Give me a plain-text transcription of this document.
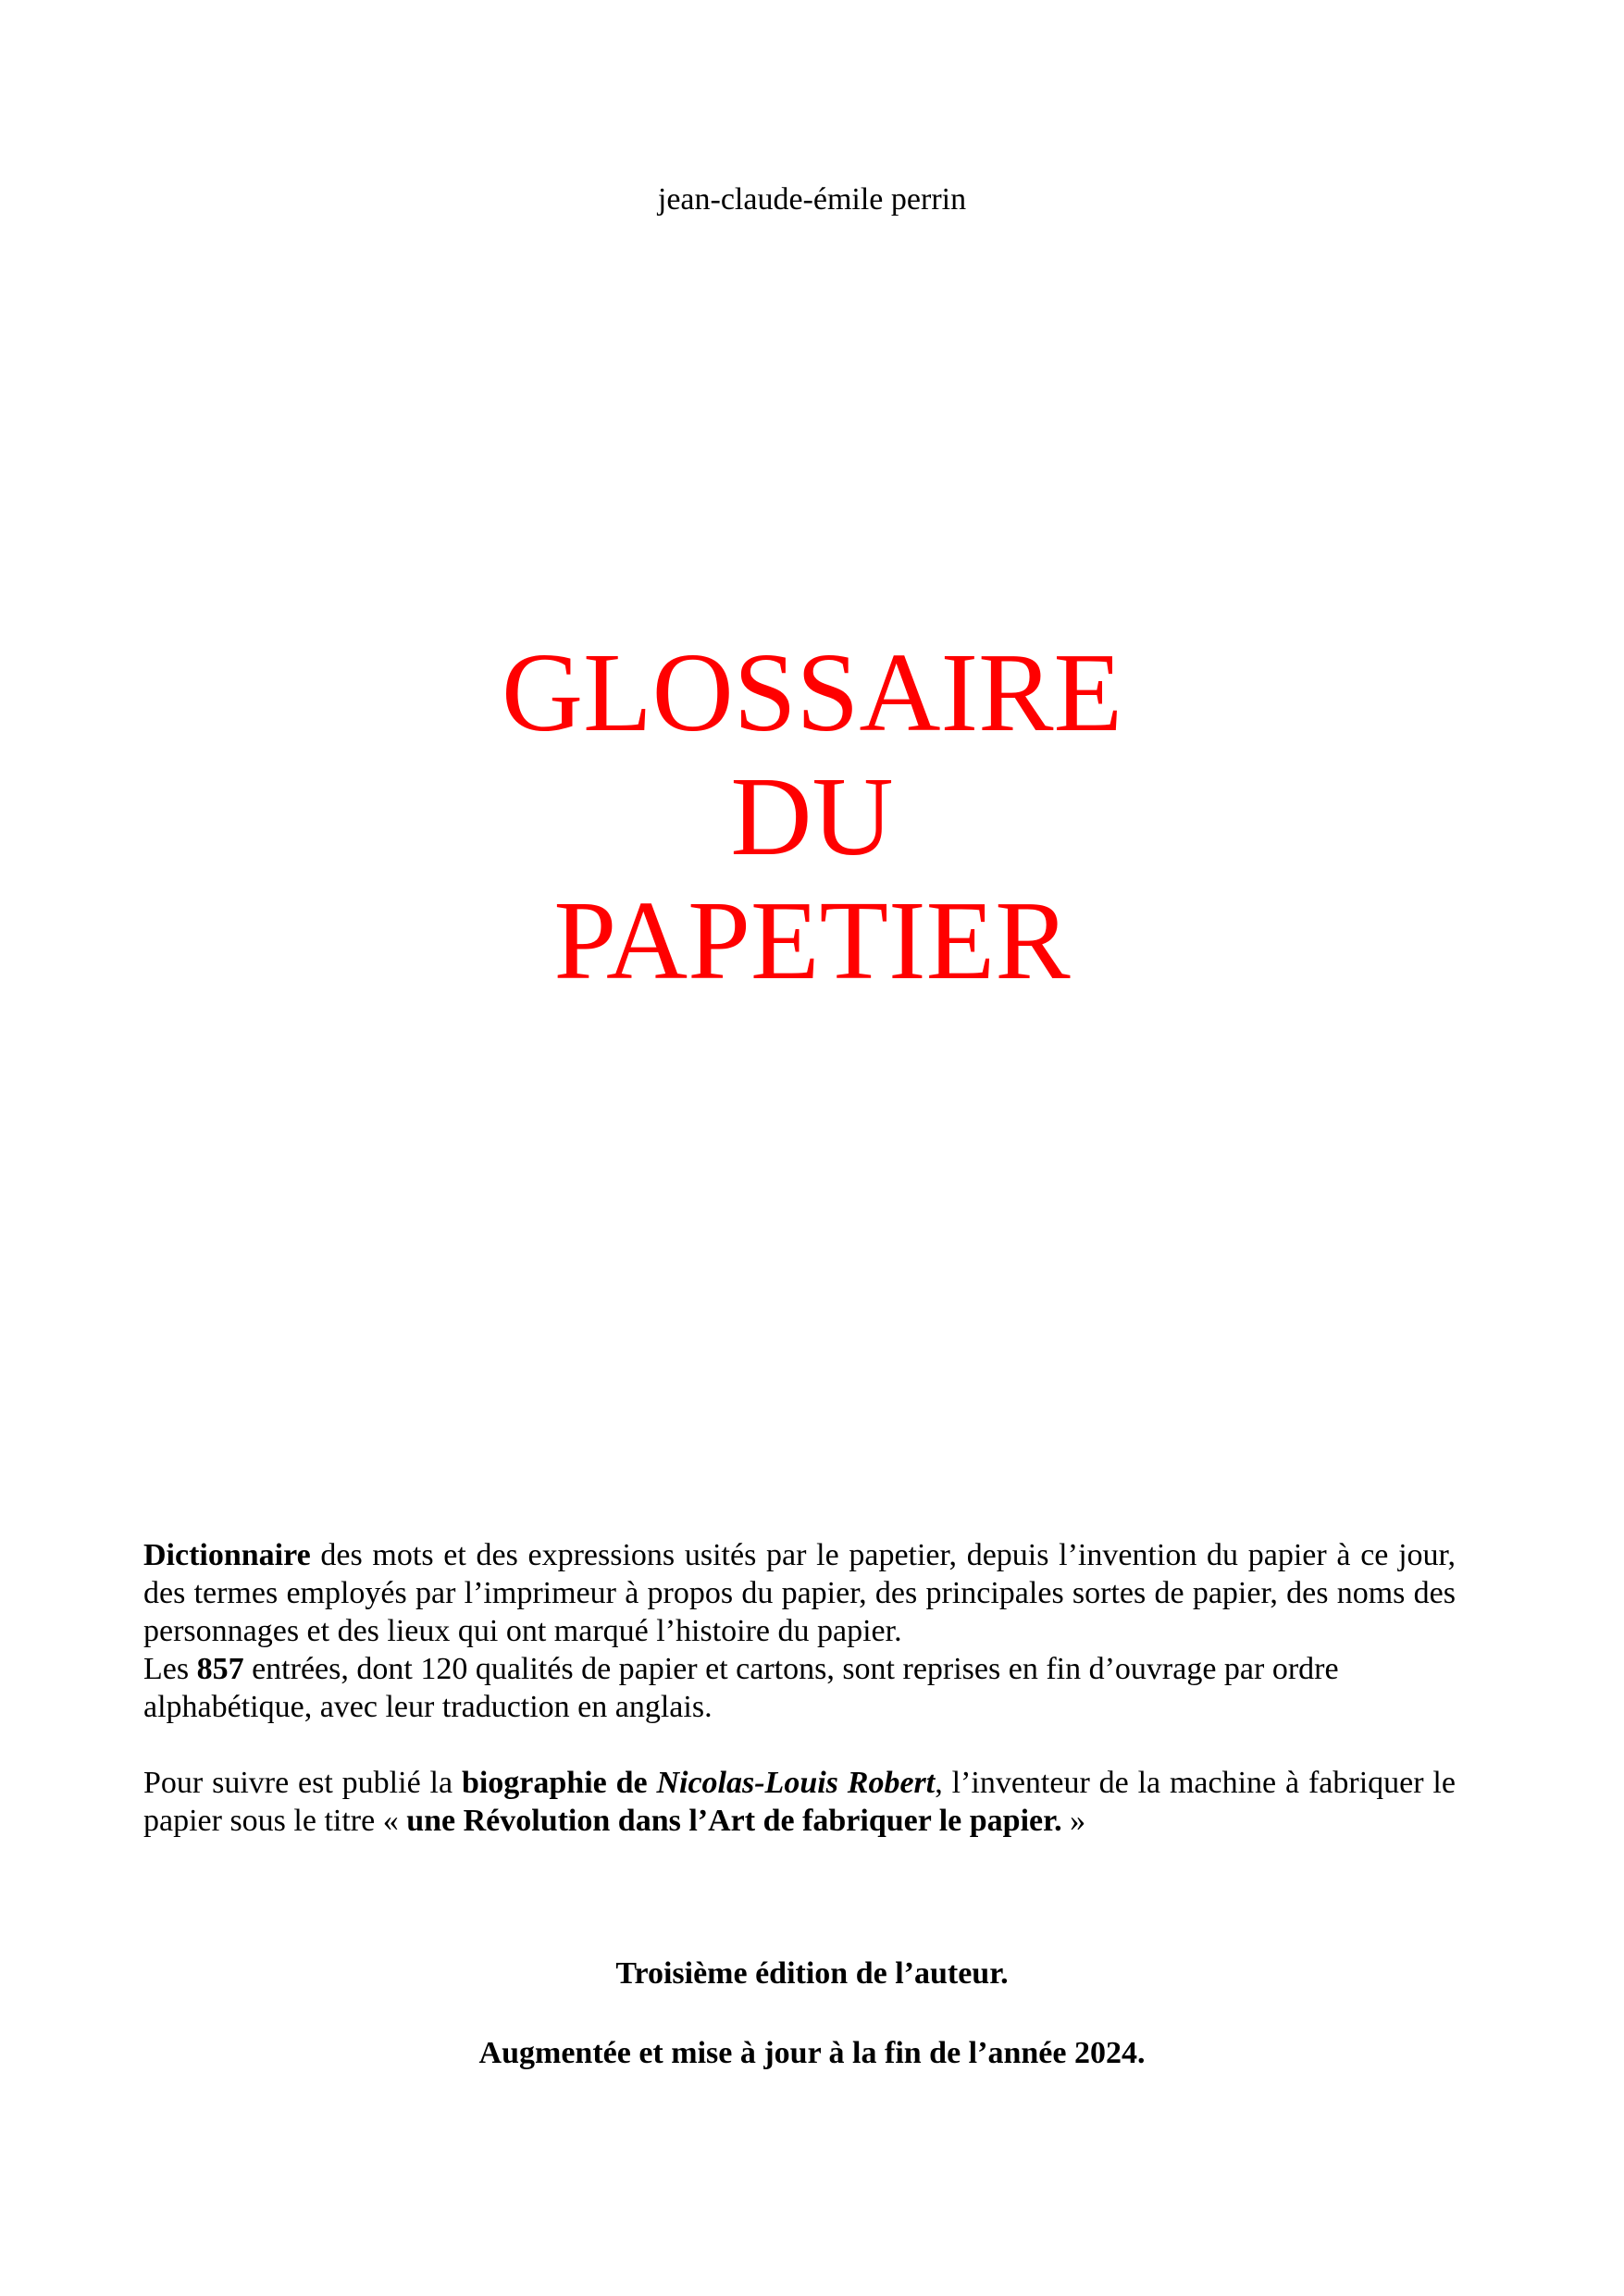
jean-claude-émile perrin
GLOSSAIRE
DU
PAPETIER

Dictionnaire des mots et des expressions usités par le papetier, depuis l’invention du papier à ce jour, des termes employés par l’imprimeur à propos du papier, des principales sortes de papier, des noms des personnages et des lieux qui ont marqué l’histoire du papier.

Les 857 entrées, dont 120 qualités de papier et cartons, sont reprises en fin d’ouvrage par ordre alphabétique, avec leur traduction en anglais.

Pour suivre est publié la biographie de Nicolas-Louis Robert, l’inventeur de la machine à fabriquer le papier sous le titre « une Révolution dans l’Art de fabriquer le papier. »

Troisième édition de l’auteur.
Augmentée et mise à jour à la fin de l’année 2024.
